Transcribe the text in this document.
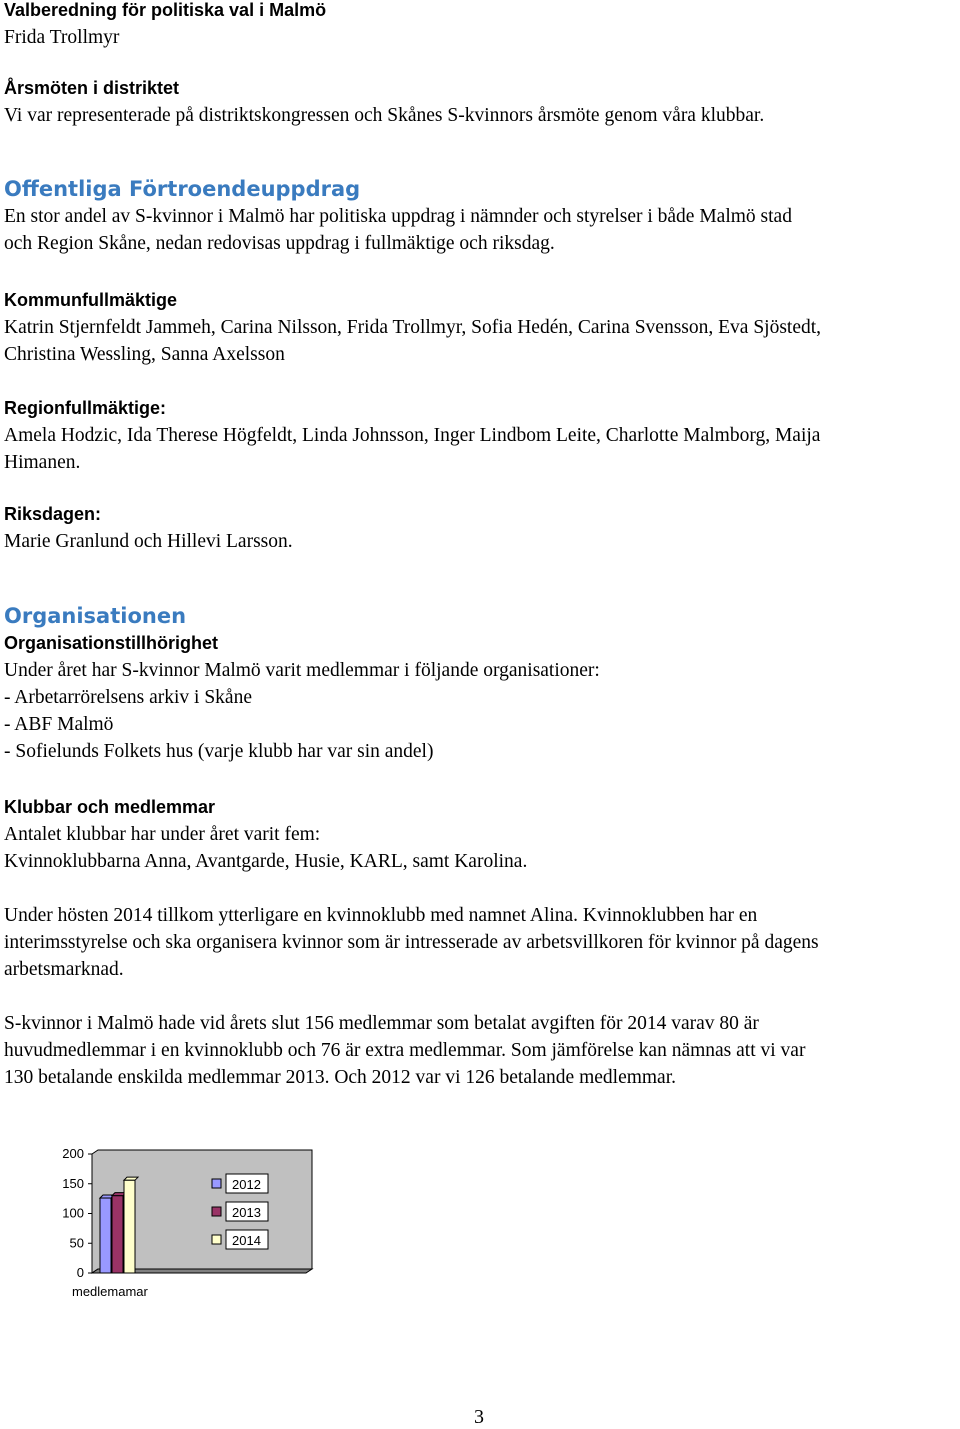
Valberedning för politiska val i Malmö

Frida Trollmyr

Årsmöten i distriktet

Vi var representerade på distriktskongressen och Skånes S-kvinnors årsmöte genom våra klubbar.

Offentliga Förtroendeuppdrag

En stor andel av S-kvinnor i Malmö har politiska uppdrag i nämnder och styrelser i både Malmö stad

och Region Skåne, nedan redovisas uppdrag i fullmäktige och riksdag.

Kommunfullmäktige

Katrin Stjernfeldt Jammeh, Carina Nilsson, Frida Trollmyr, Sofia Hedén, Carina Svensson, Eva Sjöstedt,

Christina Wessling, Sanna Axelsson

Regionfullmäktige:

Amela Hodzic, Ida Therese Högfeldt, Linda Johnsson, Inger Lindbom Leite, Charlotte Malmborg, Maija

Himanen.

Riksdagen:

Marie Granlund och Hillevi Larsson.

Organisationen

Organisationstillhörighet

Under året har S-kvinnor Malmö varit medlemmar i följande organisationer:

- Arbetarrörelsens arkiv i Skåne

- ABF Malmö

- Sofielunds Folkets hus (varje klubb har var sin andel)

Klubbar och medlemmar

Antalet klubbar har under året varit fem:

Kvinnoklubbarna Anna, Avantgarde, Husie, KARL, samt Karolina.

Under hösten 2014 tillkom ytterligare en kvinnoklubb med namnet Alina. Kvinnoklubben har en

interimsstyrelse och ska organisera kvinnor som är intresserade av arbetsvillkoren för kvinnor på dagens

arbetsmarknad.

S-kvinnor i Malmö hade vid årets slut 156 medlemmar som betalat avgiften för 2014 varav 80 är

huvudmedlemmar i en kvinnoklubb och 76 är extra medlemmar. Som jämförelse kan nämnas att vi var

130 betalande enskilda medlemmar 2013. Och 2012 var vi 126 betalande medlemmar.

0
50
100
150
200
medlemamar
2012
2013
2014
3
